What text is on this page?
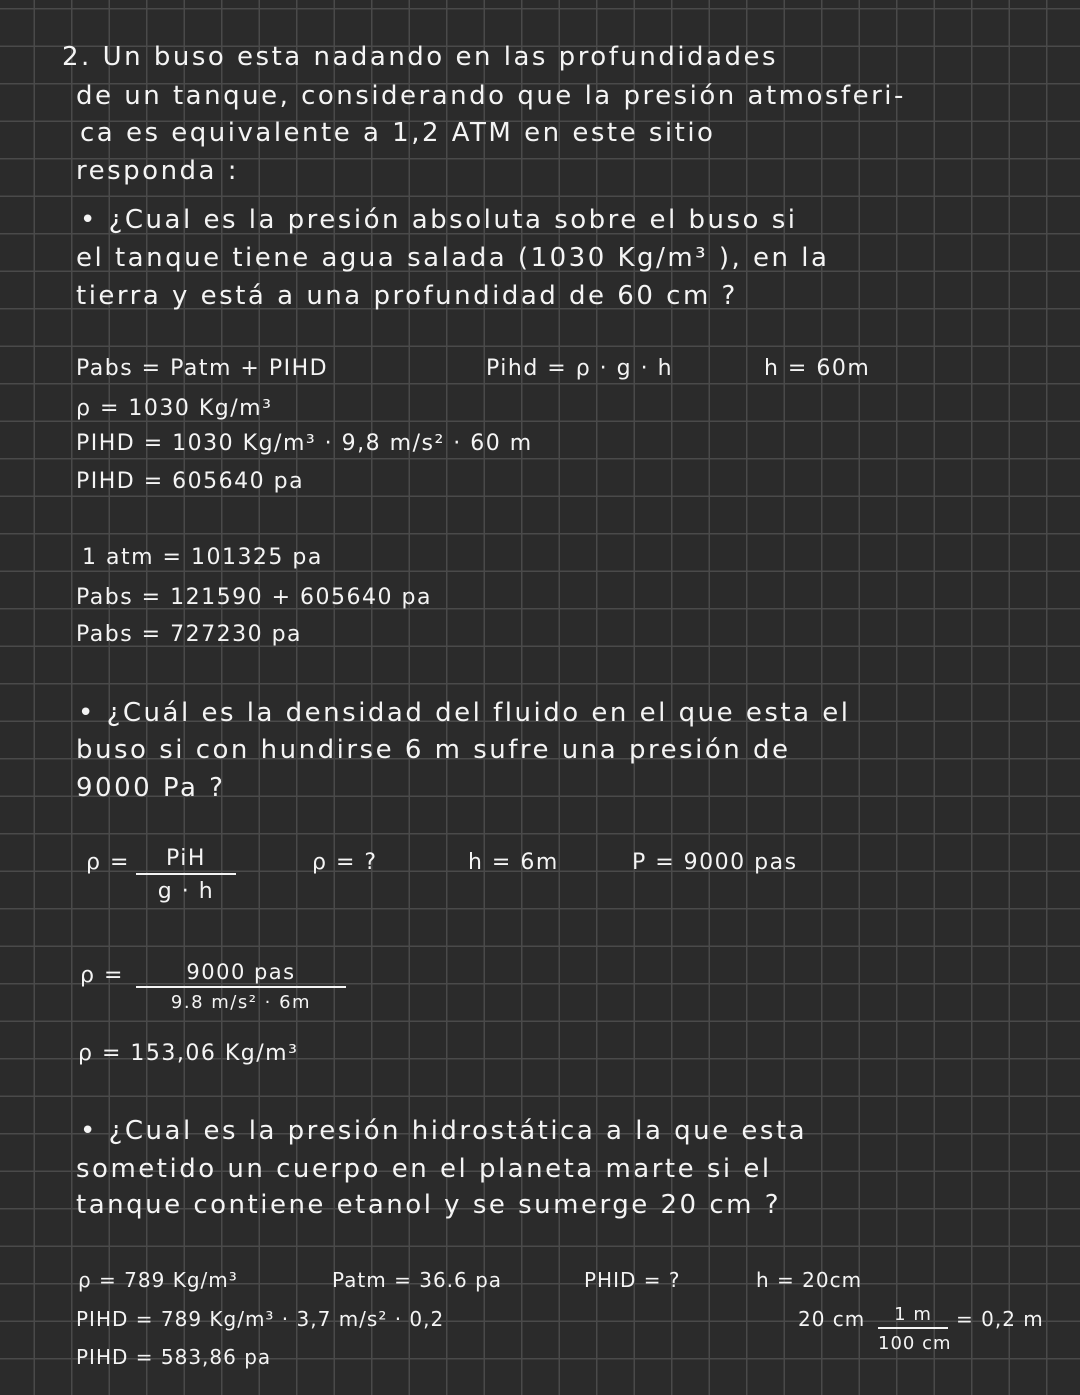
2. Un buso esta nadando en las profundidades
de un tanque, considerando que la presión atmosferi-
ca es equivalente a 1,2 ATM en este sitio
responda :
• ¿Cual es la presión absoluta sobre el buso si
el tanque tiene agua salada (1030 Kg/m³ ), en la
tierra y está a una profundidad de 60 cm ?
Pabs = Patm + PIHD	Pihd = ρ · g · h	h = 60m
ρ = 1030 Kg/m³
PIHD = 1030 Kg/m³ · 9,8 m/s² · 60 m
PIHD = 605640 pa
1 atm = 101325 pa
Pabs = 121590 + 605640 pa
Pabs = 727230 pa
• ¿Cuál es la densidad del fluido en el que esta el
buso si con hundirse 6 m sufre una presión de
9000 Pa ?
ρ =	PiH
g · h
ρ = ?	h = 6m	P = 9000 pas
ρ =	9000 pas
9.8 m/s² · 6m
ρ = 153,06 Kg/m³
• ¿Cual es la presión hidrostática a la que esta
sometido un cuerpo en el planeta marte si el
tanque contiene etanol y se sumerge 20 cm ?
ρ = 789 Kg/m³	Patm = 36.6 pa	PHID = ?	h = 20cm
PIHD = 789 Kg/m³ · 3,7 m/s² · 0,2	20 cm $\frac{1 m}{100 cm} = 0,2$ m
PIHD = 583,86 pa
